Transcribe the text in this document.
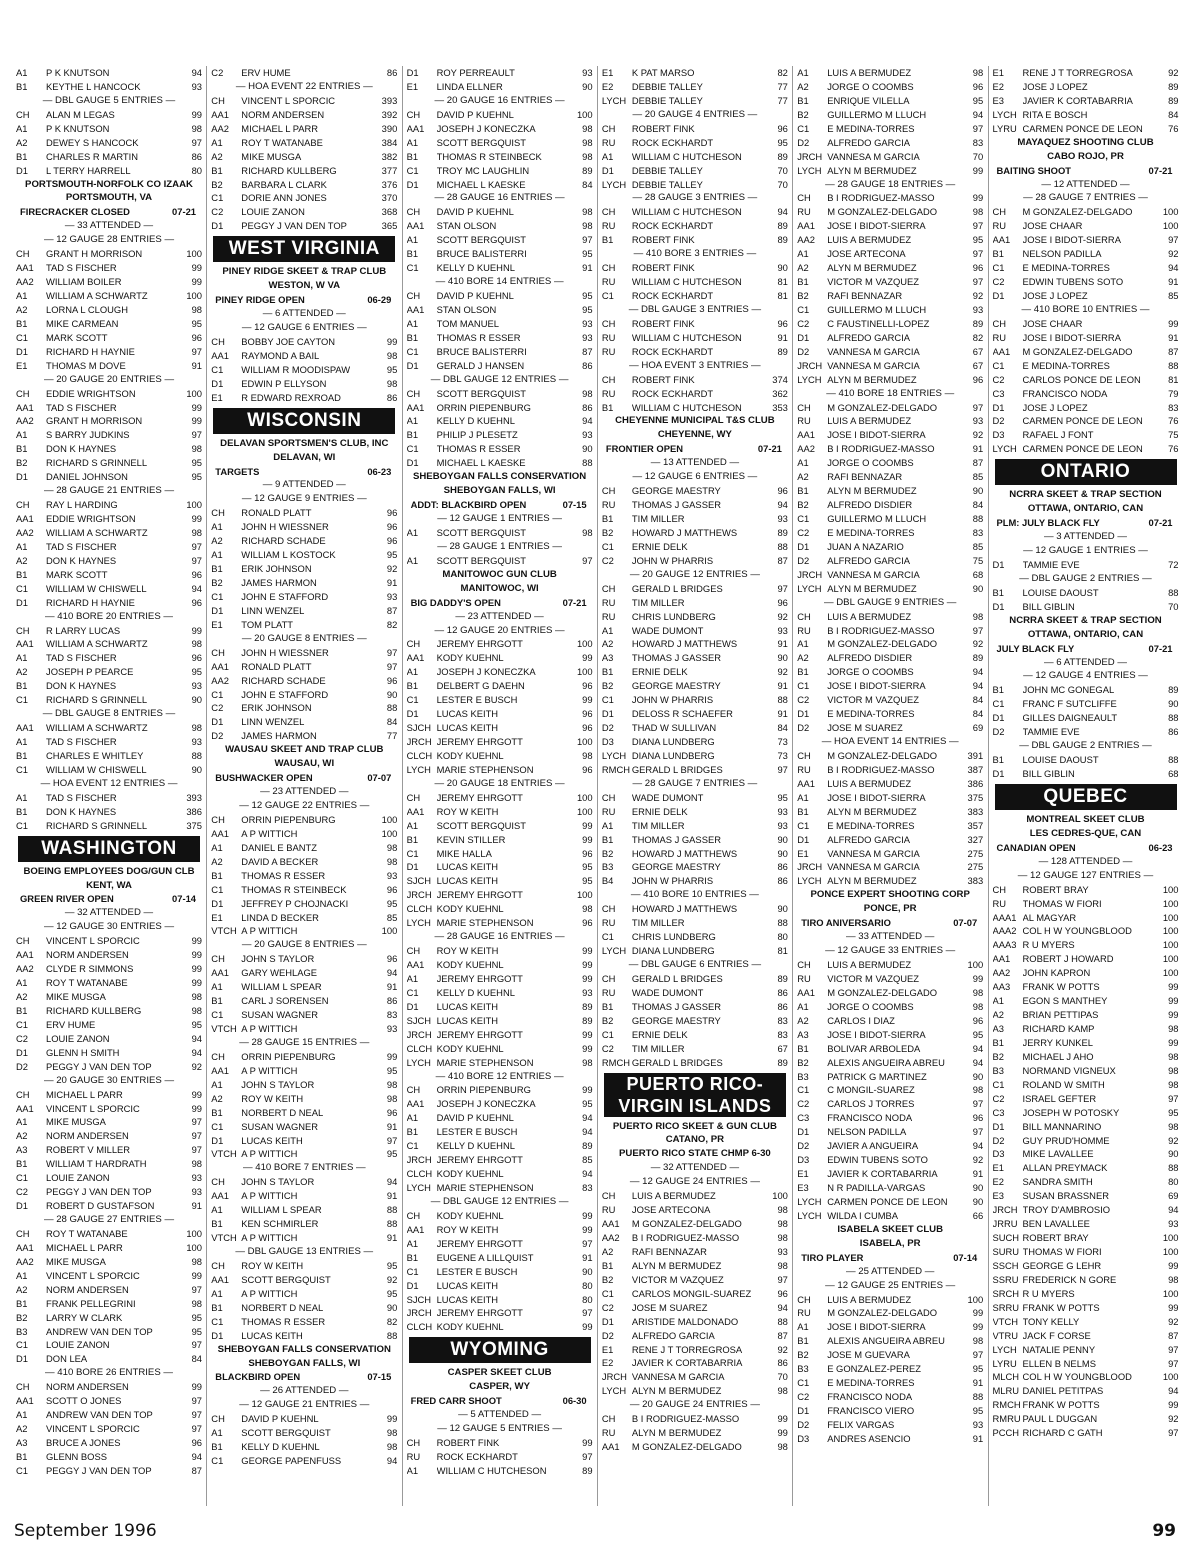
A1	P K KNUTSON	94
B1	KEYTHE L HANCOCK	93
— DBL GAUGE 5 ENTRIES —
CH	ALAN M LEGAS	99
A1	P K KNUTSON	98
A2	DEWEY S HANCOCK	97
B1	CHARLES R MARTIN	86
D1	L TERRY HARRELL	80
PORTSMOUTH-NORFOLK CO IZAAK
PORTSMOUTH, VA
FIRECRACKER CLOSED	07-21
— 33 ATTENDED —
— 12 GAUGE 28 ENTRIES —
CH	GRANT H MORRISON	100
AA1	TAD S FISCHER	99
AA2	WILLIAM BOILER	99
A1	WILLIAM A SCHWARTZ	100
A2	LORNA L CLOUGH	98
B1	MIKE CARMEAN	95
C1	MARK SCOTT	96
D1	RICHARD H HAYNIE	97
E1	THOMAS M DOVE	91
— 20 GAUGE 20 ENTRIES —
CH	EDDIE WRIGHTSON	100
AA1	TAD S FISCHER	99
AA2	GRANT H MORRISON	99
A1	S BARRY JUDKINS	97
B1	DON K HAYNES	98
B2	RICHARD S GRINNELL	95
D1	DANIEL JOHNSON	95
— 28 GAUGE 21 ENTRIES —
CH	RAY L HARDING	100
AA1	EDDIE WRIGHTSON	99
AA2	WILLIAM A SCHWARTZ	98
A1	TAD S FISCHER	97
A2	DON K HAYNES	97
B1	MARK SCOTT	96
C1	WILLIAM W CHISWELL	94
D1	RICHARD H HAYNIE	96
— 410 BORE 20 ENTRIES —
CH	R LARRY LUCAS	99
AA1	WILLIAM A SCHWARTZ	98
A1	TAD S FISCHER	96
A2	JOSEPH P PEARCE	95
B1	DON K HAYNES	93
C1	RICHARD S GRINNELL	90
— DBL GAUGE 8 ENTRIES —
AA1	WILLIAM A SCHWARTZ	98
A1	TAD S FISCHER	93
B1	CHARLES E WHITLEY	88
C1	WILLIAM W CHISWELL	90
— HOA EVENT 12 ENTRIES —
A1	TAD S FISCHER	393
B1	DON K HAYNES	386
C1	RICHARD S GRINNELL	375
WASHINGTON
BOEING EMPLOYEES DOG/GUN CLB
KENT, WA
GREEN RIVER OPEN	07-14
— 32 ATTENDED —
— 12 GAUGE 30 ENTRIES —
CH	VINCENT L SPORCIC	99
AA1	NORM ANDERSEN	99
AA2	CLYDE R SIMMONS	99
A1	ROY T WATANABE	99
A2	MIKE MUSGA	98
B1	RICHARD KULLBERG	98
C1	ERV HUME	95
C2	LOUIE ZANON	94
D1	GLENN H SMITH	94
D2	PEGGY J VAN DEN TOP	92
— 20 GAUGE 30 ENTRIES —
CH	MICHAEL L PARR	99
AA1	VINCENT L SPORCIC	99
A1	MIKE MUSGA	97
A2	NORM ANDERSEN	97
A3	ROBERT V MILLER	97
B1	WILLIAM T HARDRATH	98
C1	LOUIE ZANON	93
C2	PEGGY J VAN DEN TOP	93
D1	ROBERT D GUSTAFSON	91
— 28 GAUGE 27 ENTRIES —
CH	ROY T WATANABE	100
AA1	MICHAEL L PARR	100
AA2	MIKE MUSGA	98
A1	VINCENT L SPORCIC	99
A2	NORM ANDERSEN	97
B1	FRANK PELLEGRINI	98
B2	LARRY W CLARK	95
B3	ANDREW VAN DEN TOP	95
C1	LOUIE ZANON	97
D1	DON LEA	84
— 410 BORE 26 ENTRIES —
CH	NORM ANDERSEN	99
AA1	SCOTT O JONES	97
A1	ANDREW VAN DEN TOP	97
A2	VINCENT L SPORCIC	97
A3	BRUCE A JONES	96
B1	GLENN BOSS	94
C1	PEGGY J VAN DEN TOP	87
C2	ERV HUME	86
— HOA EVENT 22 ENTRIES —
CH	VINCENT L SPORCIC	393
AA1	NORM ANDERSEN	392
AA2	MICHAEL L PARR	390
A1	ROY T WATANABE	384
A2	MIKE MUSGA	382
B1	RICHARD KULLBERG	377
B2	BARBARA L CLARK	376
C1	DORIE ANN JONES	370
C2	LOUIE ZANON	368
D1	PEGGY J VAN DEN TOP	365
WEST VIRGINIA
PINEY RIDGE SKEET & TRAP CLUB
WESTON, W VA
PINEY RIDGE OPEN	06-29
— 6 ATTENDED —
— 12 GAUGE 6 ENTRIES —
CH	BOBBY JOE CAYTON	99
AA1	RAYMOND A BAIL	98
C1	WILLIAM R MOODISPAW	95
D1	EDWIN P ELLYSON	98
E1	R EDWARD REXROAD	86
WISCONSIN
DELAVAN SPORTSMEN'S CLUB, INC
DELAVAN, WI
TARGETS	06-23
— 9 ATTENDED —
— 12 GAUGE 9 ENTRIES —
CH	RONALD PLATT	96
A1	JOHN H WIESSNER	96
A2	RICHARD SCHADE	96
A1	WILLIAM L KOSTOCK	95
B1	ERIK JOHNSON	92
B2	JAMES HARMON	91
C1	JOHN E STAFFORD	93
D1	LINN WENZEL	87
E1	TOM PLATT	82
— 20 GAUGE 8 ENTRIES —
CH	JOHN H WIESSNER	97
AA1	RONALD PLATT	97
AA2	RICHARD SCHADE	96
C1	JOHN E STAFFORD	90
C2	ERIK JOHNSON	88
D1	LINN WENZEL	84
D2	JAMES HARMON	77
WAUSAU SKEET AND TRAP CLUB
WAUSAU, WI
BUSHWACKER OPEN	07-07
— 23 ATTENDED —
— 12 GAUGE 22 ENTRIES —
CH	ORRIN PIEPENBURG	100
AA1	A P WITTICH	100
A1	DANIEL E BANTZ	98
A2	DAVID A BECKER	98
B1	THOMAS R ESSER	93
C1	THOMAS R STEINBECK	96
D1	JEFFREY P CHOJNACKI	95
E1	LINDA D BECKER	85
VTCH A P WITTICH	100
— 20 GAUGE 8 ENTRIES —
CH	JOHN S TAYLOR	96
AA1	GARY WEHLAGE	94
A1	WILLIAM L SPEAR	91
B1	CARL J SORENSEN	86
C1	SUSAN WAGNER	83
VTCH A P WITTICH	93
— 28 GAUGE 15 ENTRIES —
CH	ORRIN PIEPENBURG	99
AA1	A P WITTICH	95
A1	JOHN S TAYLOR	98
A2	ROY W KEITH	98
B1	NORBERT D NEAL	96
C1	SUSAN WAGNER	91
D1	LUCAS KEITH	97
VTCH A P WITTICH	95
— 410 BORE 7 ENTRIES —
CH	JOHN S TAYLOR	94
AA1	A P WITTICH	91
A1	WILLIAM L SPEAR	88
B1	KEN SCHMIRLER	88
VTCH A P WITTICH	91
— DBL GAUGE 13 ENTRIES —
CH	ROY W KEITH	95
AA1	SCOTT BERGQUIST	92
A1	A P WITTICH	95
B1	NORBERT D NEAL	90
C1	THOMAS R ESSER	82
D1	LUCAS KEITH	88
SHEBOYGAN FALLS CONSERVATION
SHEBOYGAN FALLS, WI
BLACKBIRD OPEN	07-15
— 26 ATTENDED —
— 12 GAUGE 21 ENTRIES —
CH	DAVID P KUEHNL	99
A1	SCOTT BERGQUIST	98
B1	KELLY D KUEHNL	98
C1	GEORGE PAPENFUSS	94
D1	ROY PERREAULT	93
E1	LINDA ELLNER	90
— 20 GAUGE 16 ENTRIES —
CH	DAVID P KUEHNL	100
AA1	JOSEPH J KONECZKA	98
A1	SCOTT BERGQUIST	98
B1	THOMAS R STEINBECK	98
C1	TROY MC LAUGHLIN	89
D1	MICHAEL L KAESKE	84
— 28 GAUGE 16 ENTRIES —
CH	DAVID P KUEHNL	98
AA1	STAN OLSON	98
A1	SCOTT BERGQUIST	97
B1	BRUCE BALISTERRI	95
C1	KELLY D KUEHNL	91
— 410 BORE 14 ENTRIES —
CH	DAVID P KUEHNL	95
AA1	STAN OLSON	95
A1	TOM MANUEL	93
B1	THOMAS R ESSER	93
C1	BRUCE BALISTERRI	87
D1	GERALD J HANSEN	86
— DBL GAUGE 12 ENTRIES —
CH	SCOTT BERGQUIST	98
AA1	ORRIN PIEPENBURG	86
A1	KELLY D KUEHNL	94
B1	PHILIP J PLESETZ	93
C1	THOMAS R ESSER	90
D1	MICHAEL L KAESKE	88
SHEBOYGAN FALLS CONSERVATION
SHEBOYGAN FALLS, WI
ADDT: BLACKBIRD OPEN	07-15
— 12 GAUGE 1 ENTRIES —
A1	SCOTT BERGQUIST	98
— 28 GAUGE 1 ENTRIES —
A1	SCOTT BERGQUIST	97
MANITOWOC GUN CLUB
MANITOWOC, WI
BIG DADDY'S OPEN	07-21
— 23 ATTENDED —
— 12 GAUGE 20 ENTRIES —
CH	JEREMY EHRGOTT	100
AA1	KODY KUEHNL	99
A1	JOSEPH J KONECZKA	100
B1	DELBERT G DAEHN	96
C1	LESTER E BUSCH	99
D1	LUCAS KEITH	96
SJCH LUCAS KEITH	96
JRCH JEREMY EHRGOTT	100
CLCH KODY KUEHNL	98
LYCH MARIE STEPHENSON	96
— 20 GAUGE 18 ENTRIES —
CH	JEREMY EHRGOTT	100
AA1	ROY W KEITH	100
A1	SCOTT BERGQUIST	99
B1	KEVIN STILLER	99
C1	MIKE HALLA	96
D1	LUCAS KEITH	95
SJCH LUCAS KEITH	95
JRCH JEREMY EHRGOTT	100
CLCH KODY KUEHNL	98
LYCH MARIE STEPHENSON	96
— 28 GAUGE 16 ENTRIES —
CH	ROY W KEITH	99
AA1	KODY KUEHNL	99
A1	JEREMY EHRGOTT	99
C1	KELLY D KUEHNL	93
D1	LUCAS KEITH	89
SJCH LUCAS KEITH	89
JRCH JEREMY EHRGOTT	99
CLCH KODY KUEHNL	99
LYCH MARIE STEPHENSON	98
— 410 BORE 12 ENTRIES —
CH	ORRIN PIEPENBURG	99
AA1	JOSEPH J KONECZKA	95
A1	DAVID P KUEHNL	94
B1	LESTER E BUSCH	94
C1	KELLY D KUEHNL	89
JRCH JEREMY EHRGOTT	85
CLCH KODY KUEHNL	94
LYCH MARIE STEPHENSON	83
— DBL GAUGE 12 ENTRIES —
CH	KODY KUEHNL	99
AA1	ROY W KEITH	99
A1	JEREMY EHRGOTT	97
B1	EUGENE A LILLQUIST	91
C1	LESTER E BUSCH	90
D1	LUCAS KEITH	80
SJCH LUCAS KEITH	80
JRCH JEREMY EHRGOTT	97
CLCH KODY KUEHNL	99
WYOMING
CASPER SKEET CLUB
CASPER, WY
FRED CARR SHOOT	06-30
— 5 ATTENDED —
— 12 GAUGE 5 ENTRIES —
CH	ROBERT FINK	99
RU	ROCK ECKHARDT	97
A1	WILLIAM C HUTCHESON	89
E1	K PAT MARSO	82
E2	DEBBIE TALLEY	77
LYCH DEBBIE TALLEY	77
— 20 GAUGE 4 ENTRIES —
CH	ROBERT FINK	96
RU	ROCK ECKHARDT	95
A1	WILLIAM C HUTCHESON	89
D1	DEBBIE TALLEY	70
LYCH DEBBIE TALLEY	70
— 28 GAUGE 3 ENTRIES —
CH	WILLIAM C HUTCHESON	94
RU	ROCK ECKHARDT	89
B1	ROBERT FINK	89
— 410 BORE 3 ENTRIES —
CH	ROBERT FINK	90
RU	WILLIAM C HUTCHESON	81
C1	ROCK ECKHARDT	81
— DBL GAUGE 3 ENTRIES —
CH	ROBERT FINK	96
RU	WILLIAM C HUTCHESON	91
RU	ROCK ECKHARDT	89
— HOA EVENT 3 ENTRIES —
CH	ROBERT FINK	374
RU	ROCK ECKHARDT	362
B1	WILLIAM C HUTCHESON	353
CHEYENNE MUNICIPAL T&S CLUB
CHEYENNE, WY
FRONTIER OPEN	07-21
— 13 ATTENDED —
— 12 GAUGE 6 ENTRIES —
CH	GEORGE MAESTRY	96
RU	THOMAS J GASSER	94
B1	TIM MILLER	93
B2	HOWARD J MATTHEWS	89
C1	ERNIE DELK	88
C2	JOHN W PHARRIS	87
— 20 GAUGE 12 ENTRIES —
CH	GERALD L BRIDGES	97
RU	TIM MILLER	96
RU	CHRIS LUNDBERG	92
A1	WADE DUMONT	93
A2	HOWARD J MATTHEWS	91
A3	THOMAS J GASSER	90
B1	ERNIE DELK	92
B2	GEORGE MAESTRY	91
C1	JOHN W PHARRIS	88
D1	DELOSS R SCHAEFER	91
D2	THAD W SULLIVAN	84
D3	DIANA LUNDBERG	73
LYCH DIANA LUNDBERG	73
RMCH GERALD L BRIDGES	97
— 28 GAUGE 7 ENTRIES —
CH	WADE DUMONT	95
RU	ERNIE DELK	93
A1	TIM MILLER	93
B1	THOMAS J GASSER	90
B2	HOWARD J MATTHEWS	90
B3	GEORGE MAESTRY	86
B4	JOHN W PHARRIS	86
— 410 BORE 10 ENTRIES —
CH	HOWARD J MATTHEWS	90
RU	TIM MILLER	88
C1	CHRIS LUNDBERG	80
LYCH DIANA LUNDBERG	81
— DBL GAUGE 6 ENTRIES —
CH	GERALD L BRIDGES	89
RU	WADE DUMONT	86
B1	THOMAS J GASSER	86
B2	GEORGE MAESTRY	83
C1	ERNIE DELK	83
C2	TIM MILLER	67
RMCH GERALD L BRIDGES	89
PUERTO RICO- VIRGIN ISLANDS
PUERTO RICO SKEET & GUN CLUB
CATANO, PR
PUERTO RICO STATE CHMP 6-30
— 32 ATTENDED —
— 12 GAUGE 24 ENTRIES —
CH	LUIS A BERMUDEZ	100
RU	JOSE ARTECONA	98
AA1	M GONZALEZ-DELGADO	98
AA2	B I RODRIGUEZ-MASSO	98
A2	RAFI BENNAZAR	93
B1	ALYN M BERMUDEZ	98
B2	VICTOR M VAZQUEZ	97
C1	CARLOS MONGIL-SUAREZ	96
C2	JOSE M SUAREZ	94
D1	ARISTIDE MALDONADO	88
D2	ALFREDO GARCIA	87
E1	RENE J T TORREGROSA	92
E2	JAVIER K CORTABARRIA	86
JRCH VANNESA M GARCIA	70
LYCH ALYN M BERMUDEZ	98
— 20 GAUGE 24 ENTRIES —
CH	B I RODRIGUEZ-MASSO	99
RU	ALYN M BERMUDEZ	99
AA1	M GONZALEZ-DELGADO	98
A1	LUIS A BERMUDEZ	98
A2	JORGE O COOMBS	96
B1	ENRIQUE VILELLA	95
B2	GUILLERMO M LLUCH	94
C1	E MEDINA-TORRES	97
D2	ALFREDO GARCIA	83
JRCH VANNESA M GARCIA	70
LYCH ALYN M BERMUDEZ	99
— 28 GAUGE 18 ENTRIES —
CH	B I RODRIGUEZ-MASSO	99
RU	M GONZALEZ-DELGADO	98
AA1	JOSE I BIDOT-SIERRA	97
AA2	LUIS A BERMUDEZ	95
A1	JOSE ARTECONA	97
A2	ALYN M BERMUDEZ	96
B1	VICTOR M VAZQUEZ	97
B2	RAFI BENNAZAR	92
C1	GUILLERMO M LLUCH	93
C2	C FAUSTINELLI-LOPEZ	89
D1	ALFREDO GARCIA	82
D2	VANNESA M GARCIA	67
JRCH VANNESA M GARCIA	67
LYCH ALYN M BERMUDEZ	96
— 410 BORE 18 ENTRIES —
CH	M GONZALEZ-DELGADO	97
RU	LUIS A BERMUDEZ	93
AA1	JOSE I BIDOT-SIERRA	92
AA2	B I RODRIGUEZ-MASSO	91
A1	JORGE O COOMBS	87
A2	RAFI BENNAZAR	85
B1	ALYN M BERMUDEZ	90
B2	ALFREDO DISDIER	84
C1	GUILLERMO M LLUCH	88
C2	E MEDINA-TORRES	83
D1	JUAN A NAZARIO	85
D2	ALFREDO GARCIA	75
JRCH VANNESA M GARCIA	68
LYCH ALYN M BERMUDEZ	90
— DBL GAUGE 9 ENTRIES —
CH	LUIS A BERMUDEZ	98
RU	B I RODRIGUEZ-MASSO	97
A1	M GONZALEZ-DELGADO	92
A2	ALFREDO DISDIER	89
B1	JORGE O COOMBS	94
C1	JOSE I BIDOT-SIERRA	94
C2	VICTOR M VAZQUEZ	84
D1	E MEDINA-TORRES	84
D2	JOSE M SUAREZ	69
— HOA EVENT 14 ENTRIES —
CH	M GONZALEZ-DELGADO	391
RU	B I RODRIGUEZ-MASSO	387
AA1	LUIS A BERMUDEZ	386
A1	JOSE I BIDOT-SIERRA	375
B1	ALYN M BERMUDEZ	383
C1	E MEDINA-TORRES	357
D1	ALFREDO GARCIA	327
E1	VANNESA M GARCIA	275
JRCH VANNESA M GARCIA	275
LYCH ALYN M BERMUDEZ	383
PONCE EXPERT SHOOTING CORP
PONCE, PR
TIRO ANIVERSARIO	07-07
— 33 ATTENDED —
— 12 GAUGE 33 ENTRIES —
CH	LUIS A BERMUDEZ	100
RU	VICTOR M VAZQUEZ	99
AA1	M GONZALEZ-DELGADO	98
A1	JORGE O COOMBS	98
A2	CARLOS I DIAZ	96
A3	JOSE I BIDOT-SIERRA	95
B1	BOLIVAR ARBOLEDA	94
B2	ALEXIS ANGUEIRA ABREU	94
B3	PATRICK G MARTINEZ	90
C1	C MONGIL-SUAREZ	98
C2	CARLOS J TORRES	97
C3	FRANCISCO NODA	96
D1	NELSON PADILLA	97
D2	JAVIER A ANGUEIRA	94
D3	EDWIN TUBENS SOTO	92
E1	JAVIER K CORTABARRIA	91
E3	N R PADILLA-VARGAS	90
LYCH CARMEN PONCE DE LEON	90
LYCH WILDA I CUMBA	66
ISABELA SKEET CLUB
ISABELA, PR
TIRO PLAYER	07-14
— 25 ATTENDED —
— 12 GAUGE 25 ENTRIES —
CH	LUIS A BERMUDEZ	100
RU	M GONZALEZ-DELGADO	99
A1	JOSE I BIDOT-SIERRA	99
B1	ALEXIS ANGUEIRA ABREU	98
B2	JOSE M GUEVARA	97
B3	E GONZALEZ-PEREZ	95
C1	E MEDINA-TORRES	91
C2	FRANCISCO NODA	88
D1	FRANCISCO VIERO	95
D2	FELIX VARGAS	93
D3	ANDRES ASENCIO	91
E1	RENE J T TORREGROSA	92
E2	JOSE J LOPEZ	89
E3	JAVIER K CORTABARRIA	89
LYCH RITA E BOSCH	84
LYRU CARMEN PONCE DE LEON	76
MAYAQUEZ SHOOTING CLUB
CABO ROJO, PR
BAITING SHOOT	07-21
— 12 ATTENDED —
— 28 GAUGE 7 ENTRIES —
CH	M GONZALEZ-DELGADO	100
RU	JOSE CHAAR	100
AA1	JOSE I BIDOT-SIERRA	97
B1	NELSON PADILLA	92
C1	E MEDINA-TORRES	94
C2	EDWIN TUBENS SOTO	91
D1	JOSE J LOPEZ	85
— 410 BORE 10 ENTRIES —
CH	JOSE CHAAR	99
RU	JOSE I BIDOT-SIERRA	91
AA1	M GONZALEZ-DELGADO	87
C1	E MEDINA-TORRES	88
C2	CARLOS PONCE DE LEON	81
C3	FRANCISCO NODA	79
D1	JOSE J LOPEZ	83
D2	CARMEN PONCE DE LEON	76
D3	RAFAEL J FONT	75
LYCH CARMEN PONCE DE LEON	76
ONTARIO
NCRRA SKEET & TRAP SECTION
OTTAWA, ONTARIO, CAN
PLM: JULY BLACK FLY	07-21
— 3 ATTENDED —
— 12 GAUGE 1 ENTRIES —
D1	TAMMIE EVE	72
— DBL GAUGE 2 ENTRIES —
B1	LOUISE DAOUST	88
D1	BILL GIBLIN	70
NCRRA SKEET & TRAP SECTION
OTTAWA, ONTARIO, CAN
JULY BLACK FLY	07-21
— 6 ATTENDED —
— 12 GAUGE 4 ENTRIES —
B1	JOHN MC GONEGAL	89
C1	FRANC F SUTCLIFFE	90
D1	GILLES DAIGNEAULT	88
D2	TAMMIE EVE	86
— DBL GAUGE 2 ENTRIES —
B1	LOUISE DAOUST	88
D1	BILL GIBLIN	68
QUEBEC
MONTREAL SKEET CLUB
LES CEDRES-QUE, CAN
CANADIAN OPEN	06-23
— 128 ATTENDED —
— 12 GAUGE 127 ENTRIES —
CH	ROBERT BRAY	100
RU	THOMAS W FIORI	100
AAA1 AL MAGYAR	100
AAA2 COL H W YOUNGBLOOD	100
AAA3 R U MYERS	100
AA1	ROBERT J HOWARD	100
AA2	JOHN KAPRON	100
AA3	FRANK W POTTS	99
A1	EGON S MANTHEY	99
A2	BRIAN PETTIPAS	99
A3	RICHARD KAMP	98
B1	JERRY KUNKEL	99
B2	MICHAEL J AHO	98
B3	NORMAND VIGNEUX	98
C1	ROLAND W SMITH	98
C2	ISRAEL GEFTER	97
C3	JOSEPH W POTOSKY	95
D1	BILL MANNARINO	98
D2	GUY PRUD'HOMME	92
D3	MIKE LAVALLEE	90
E1	ALLAN PREYMACK	88
E2	SANDRA SMITH	80
E3	SUSAN BRASSNER	69
JRCH TROY D'AMBROSIO	94
JRRU BEN LAVALLEE	93
SUCH ROBERT BRAY	100
SURU THOMAS W FIORI	100
SSCH GEORGE G LEHR	99
SSRU FREDERICK N GORE	98
SRCH R U MYERS	100
SRRU FRANK W POTTS	99
VTCH TONY KELLY	92
VTRU JACK F CORSE	87
LYCH NATALIE PENNY	97
LYRU ELLEN B NELMS	97
MLCH COL H W YOUNGBLOOD	100
MLRU DANIEL PETITPAS	94
RMCH FRANK W POTTS	99
RMRU PAUL L DUGGAN	92
PCCH RICHARD C GATH	97
September 1996	99
